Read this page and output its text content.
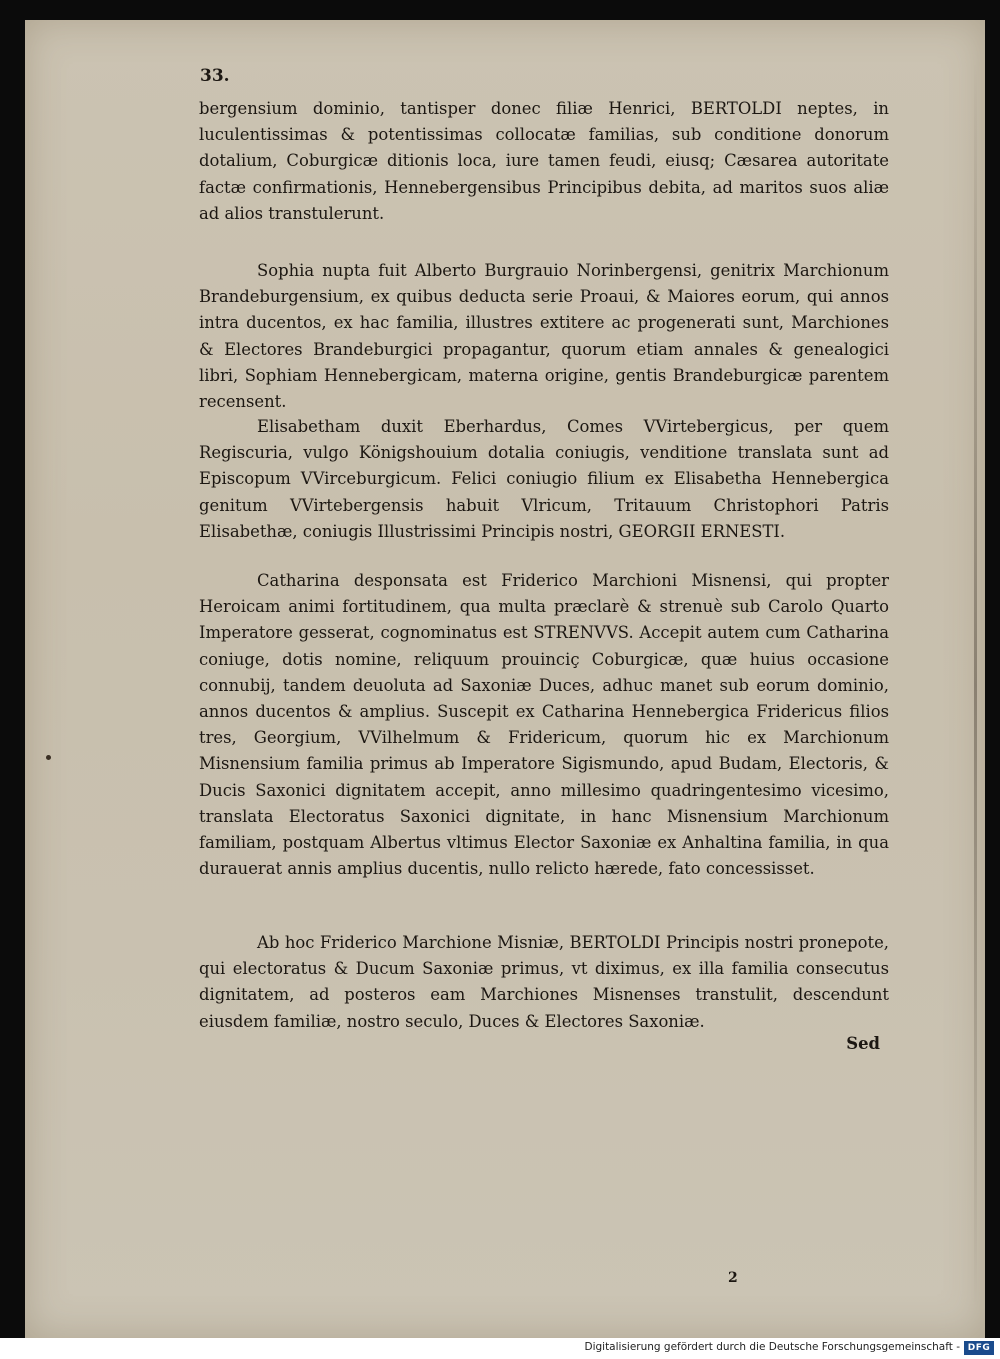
33.

bergensium dominio, tantisper donec filiæ Henrici, BERTOLDI neptes, in luculentissimas & potentissimas collocatæ familias, sub conditione donorum dotalium, Coburgicæ ditionis loca, iure tamen feudi, eiusq; Cæsarea autoritate factæ confirmationis, Hennebergensibus Principibus debita, ad maritos suos aliæ ad alios transtulerunt.

Sophia nupta fuit Alberto Burgrauio Norinbergensi, genitrix Marchionum Brandeburgensium, ex quibus deducta serie Proaui, & Maiores eorum, qui annos intra ducentos, ex hac familia, illustres extitere ac progenerati sunt, Marchiones & Electores Brandeburgici propagantur, quorum etiam annales & genealogici libri, Sophiam Hennebergicam, materna origine, gentis Brandeburgicæ parentem recensent.

Elisabetham duxit Eberhardus, Comes VVirtebergicus, per quem Regiscuria, vulgo Königshouium dotalia coniugis, venditione translata sunt ad Episcopum VVirceburgicum. Felici coniugio filium ex Elisabetha Hennebergica genitum VVirtebergensis habuit Vlricum, Tritauum Christophori Patris Elisabethæ, coniugis Illustrissimi Principis nostri, GEORGII ERNESTI.

Catharina desponsata est Friderico Marchioni Misnensi, qui propter Heroicam animi fortitudinem, qua multa præclarè & strenuè sub Carolo Quarto Imperatore gesserat, cognominatus est STRENVVS. Accepit autem cum Catharina coniuge, dotis nomine, reliquum prouinciç Coburgicæ, quæ huius occasione connubij, tandem deuoluta ad Saxoniæ Duces, adhuc manet sub eorum dominio, annos ducentos & amplius. Suscepit ex Catharina Hennebergica Fridericus filios tres, Georgium, VVilhelmum & Fridericum, quorum hic ex Marchionum Misnensium familia primus ab Imperatore Sigismundo, apud Budam, Electoris, & Ducis Saxonici dignitatem accepit, anno millesimo quadringentesimo vicesimo, translata Electoratus Saxonici dignitate, in hanc Misnensium Marchionum familiam, postquam Albertus vltimus Elector Saxoniæ ex Anhaltina familia, in qua durauerat annis amplius ducentis, nullo relicto hærede, fato concessisset.

Ab hoc Friderico Marchione Misniæ, BERTOLDI Principis nostri pronepote, qui electoratus & Ducum Saxoniæ primus, vt diximus, ex illa familia consecutus dignitatem, ad posteros eam Marchiones Misnenses transtulit, descendunt eiusdem familiæ, nostro seculo, Duces & Electores Saxoniæ.

Sed
2
Digitalisierung gefördert durch die Deutsche Forschungsgemeinschaft - DFG
